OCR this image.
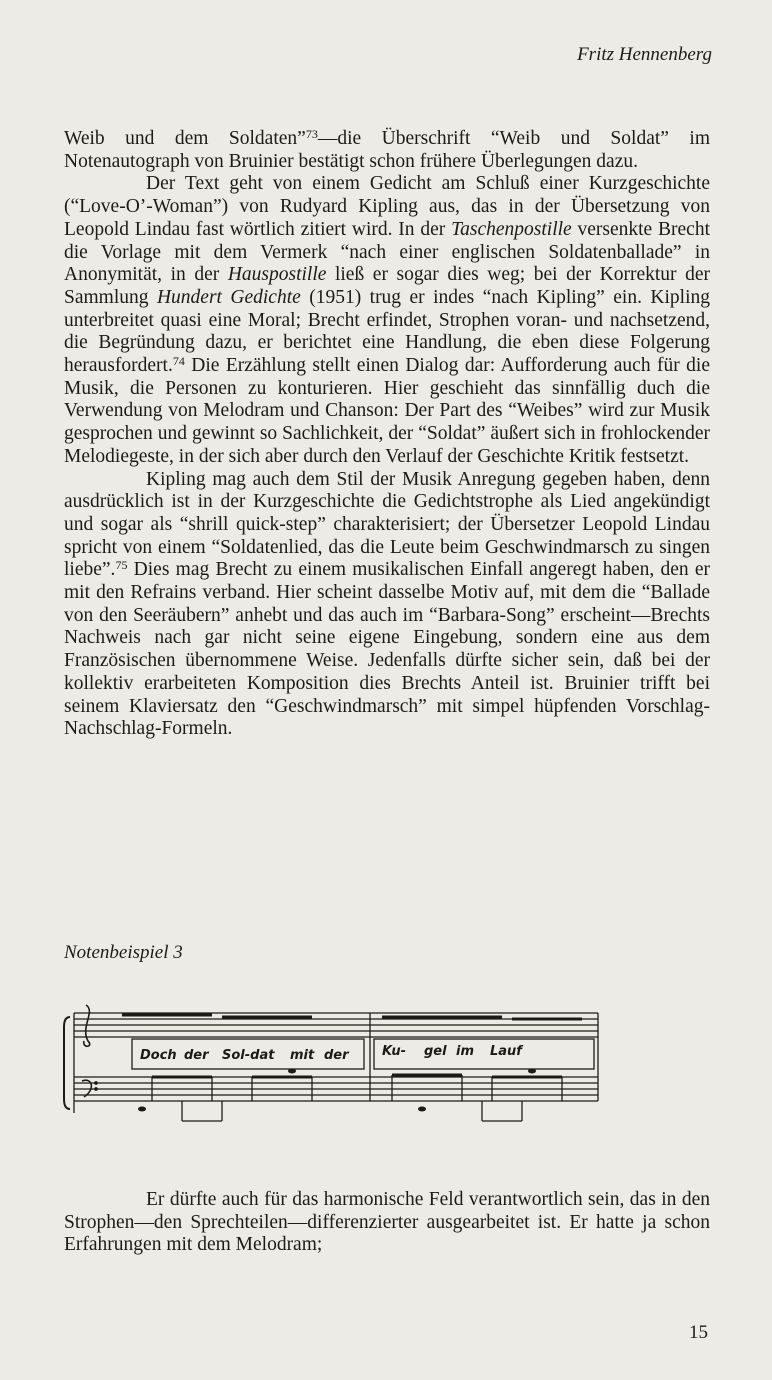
Fritz Hennenberg

Weib und dem Soldaten”$^{73}$—die Überschrift “Weib und Soldat” im Notenautograph von Bruinier bestätigt schon frühere Überlegungen dazu.

Der Text geht von einem Gedicht am Schluß einer Kurzgeschichte (“Love-O’-Woman”) von Rudyard Kipling aus, das in der Übersetzung von Leopold Lindau fast wörtlich zitiert wird. In der Taschenpostille versenkte Brecht die Vorlage mit dem Vermerk “nach einer englischen Soldatenballade” in Anonymität, in der Hauspostille ließ er sogar dies weg; bei der Korrektur der Sammlung Hundert Gedichte (1951) trug er indes “nach Kipling” ein. Kipling unterbreitet quasi eine Moral; Brecht erfindet, Strophen voran- und nachsetzend, die Begründung dazu, er berichtet eine Handlung, die eben diese Folgerung herausfordert.$^{74}$ Die Erzählung stellt einen Dialog dar: Aufforderung auch für die Musik, die Personen zu konturieren. Hier geschieht das sinnfällig duch die Verwendung von Melodram und Chanson: Der Part des “Weibes” wird zur Musik gesprochen und gewinnt so Sachlichkeit, der “Soldat” äußert sich in frohlockender Melodiegeste, in der sich aber durch den Verlauf der Geschichte Kritik festsetzt.

Kipling mag auch dem Stil der Musik Anregung gegeben haben, denn ausdrücklich ist in der Kurzgeschichte die Gedichtstrophe als Lied angekündigt und sogar als “shrill quick-step” charakterisiert; der Übersetzer Leopold Lindau spricht von einem “Soldatenlied, das die Leute beim Geschwindmarsch zu singen liebe”.$^{75}$ Dies mag Brecht zu einem musikalischen Einfall angeregt haben, den er mit den Refrains verband. Hier scheint dasselbe Motiv auf, mit dem die “Ballade von den Seeräubern” anhebt und das auch im “Barbara-Song” erscheint—Brechts Nachweis nach gar nicht seine eigene Eingebung, sondern eine aus dem Französischen übernommene Weise. Jedenfalls dürfte sicher sein, daß bei der kollektiv erarbeiteten Komposition dies Brechts Anteil ist. Bruinier trifft bei seinem Klaviersatz den “Geschwindmarsch” mit simpel hüpfenden Vorschlag-Nachschlag-Formeln.

Notenbeispiel 3
Doch der Sol-dat mit der	Ku- gel im Lauf

Er dürfte auch für das harmonische Feld verantwortlich sein, das in den Strophen—den Sprechteilen—differenzierter ausgearbeitet ist. Er hatte ja schon Erfahrungen mit dem Melodram;

15
